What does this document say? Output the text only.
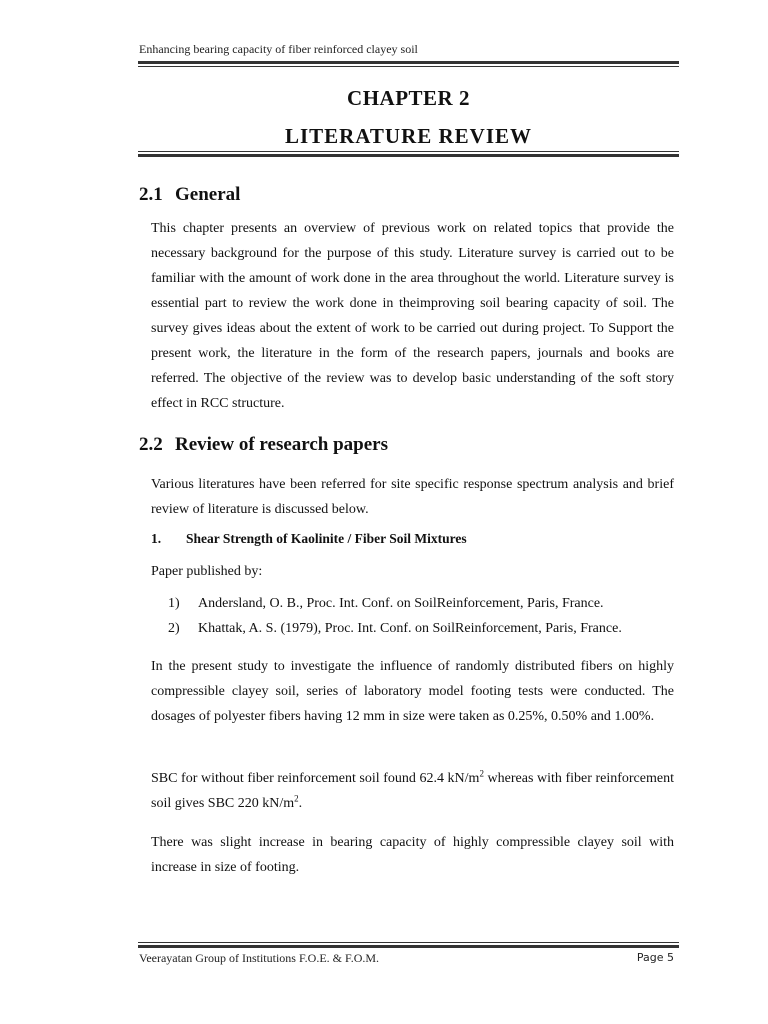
Enhancing bearing capacity of fiber reinforced clayey soil
CHAPTER 2
LITERATURE REVIEW
2.1 General

This chapter presents an overview of previous work on related topics that provide the necessary background for the purpose of this study. Literature survey is carried out to be familiar with the amount of work done in the area throughout the world. Literature survey is essential part to review the work done in theimproving soil bearing capacity of soil. The survey gives ideas about the extent of work to be carried out during project. To Support the present work, the literature in the form of the research papers, journals and books are referred. The objective of the review was to develop basic understanding of the soft story effect in RCC structure.

2.2 Review of research papers

Various literatures have been referred for site specific response spectrum analysis and brief review of literature is discussed below.

1. Shear Strength of Kaolinite / Fiber Soil Mixtures
Paper published by:
1) Andersland, O. B., Proc. Int. Conf. on SoilReinforcement, Paris, France.
2) Khattak, A. S. (1979), Proc. Int. Conf. on SoilReinforcement, Paris, France.

In the present study to investigate the influence of randomly distributed fibers on highly compressible clayey soil, series of laboratory model footing tests were conducted. The dosages of polyester fibers having 12 mm in size were taken as 0.25%, 0.50% and 1.00%.

SBC for without fiber reinforcement soil found 62.4 $kN/m^2$ whereas with fiber reinforcement soil gives SBC 220 $kN/m^2$.

There was slight increase in bearing capacity of highly compressible clayey soil with increase in size of footing.

Veerayatan Group of Institutions F.O.E. & F.O.M.	Page 5
